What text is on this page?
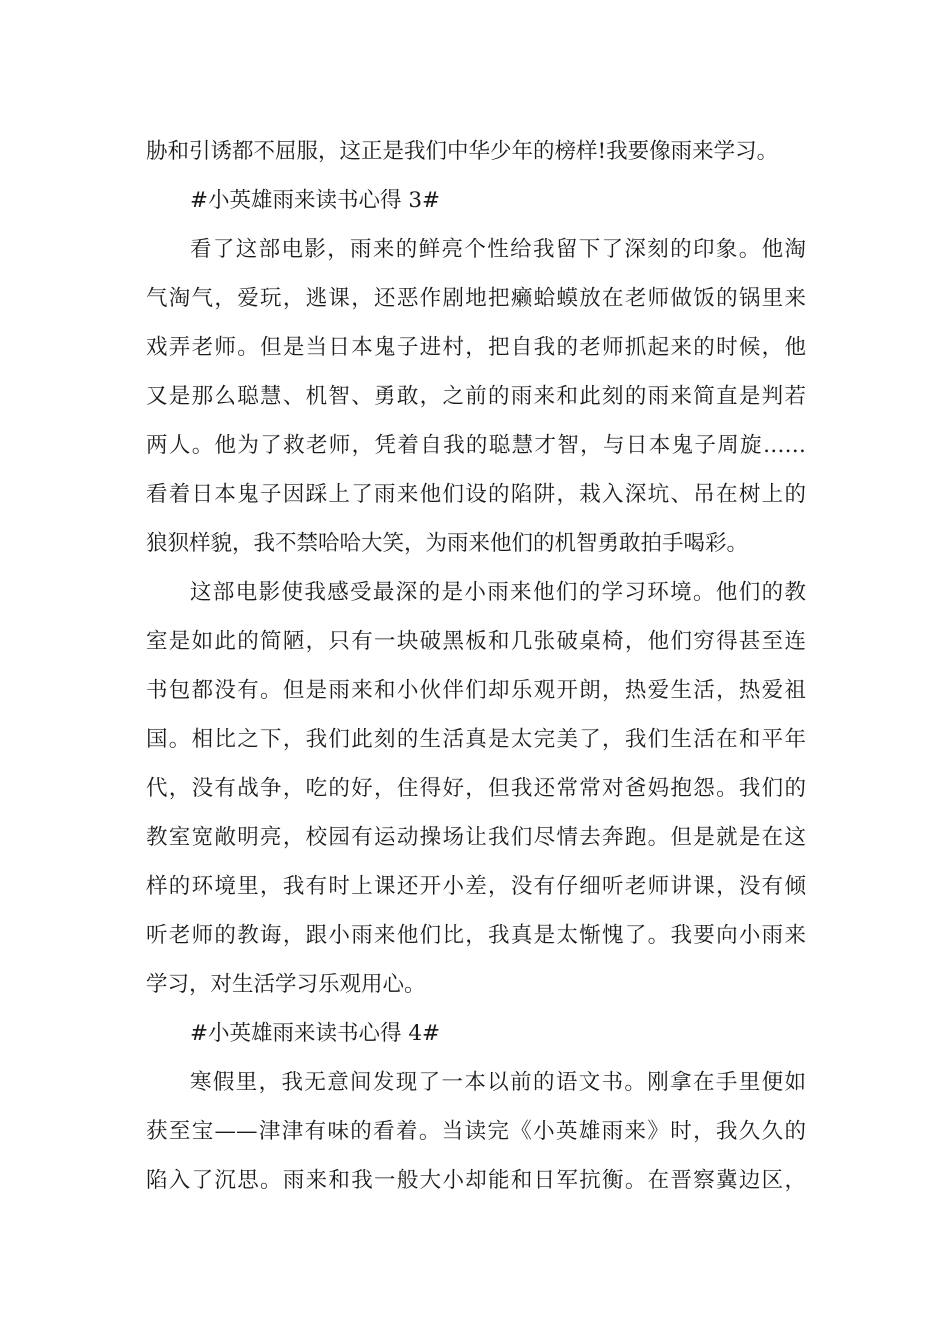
胁和引诱都不屈服，这正是我们中华少年的榜样!我要像雨来学习。
#小英雄雨来读书心得 3#
看了这部电影，雨来的鲜亮个性给我留下了深刻的印象。他淘
气淘气，爱玩，逃课，还恶作剧地把癞蛤蟆放在老师做饭的锅里来
戏弄老师。但是当日本鬼子进村，把自我的老师抓起来的时候，他
又是那么聪慧、机智、勇敢，之前的雨来和此刻的雨来简直是判若
两人。他为了救老师，凭着自我的聪慧才智，与日本鬼子周旋……
看着日本鬼子因踩上了雨来他们设的陷阱，栽入深坑、吊在树上的
狼狈样貌，我不禁哈哈大笑，为雨来他们的机智勇敢拍手喝彩。
这部电影使我感受最深的是小雨来他们的学习环境。他们的教
室是如此的简陋，只有一块破黑板和几张破桌椅，他们穷得甚至连
书包都没有。但是雨来和小伙伴们却乐观开朗，热爱生活，热爱祖
国。相比之下，我们此刻的生活真是太完美了，我们生活在和平年
代，没有战争，吃的好，住得好，但我还常常对爸妈抱怨。我们的
教室宽敞明亮，校园有运动操场让我们尽情去奔跑。但是就是在这
样的环境里，我有时上课还开小差，没有仔细听老师讲课，没有倾
听老师的教诲，跟小雨来他们比，我真是太惭愧了。我要向小雨来
学习，对生活学习乐观用心。
#小英雄雨来读书心得 4#
寒假里，我无意间发现了一本以前的语文书。刚拿在手里便如
获至宝——津津有味的看着。当读完《小英雄雨来》时，我久久的
陷入了沉思。雨来和我一般大小却能和日军抗衡。在晋察冀边区，
